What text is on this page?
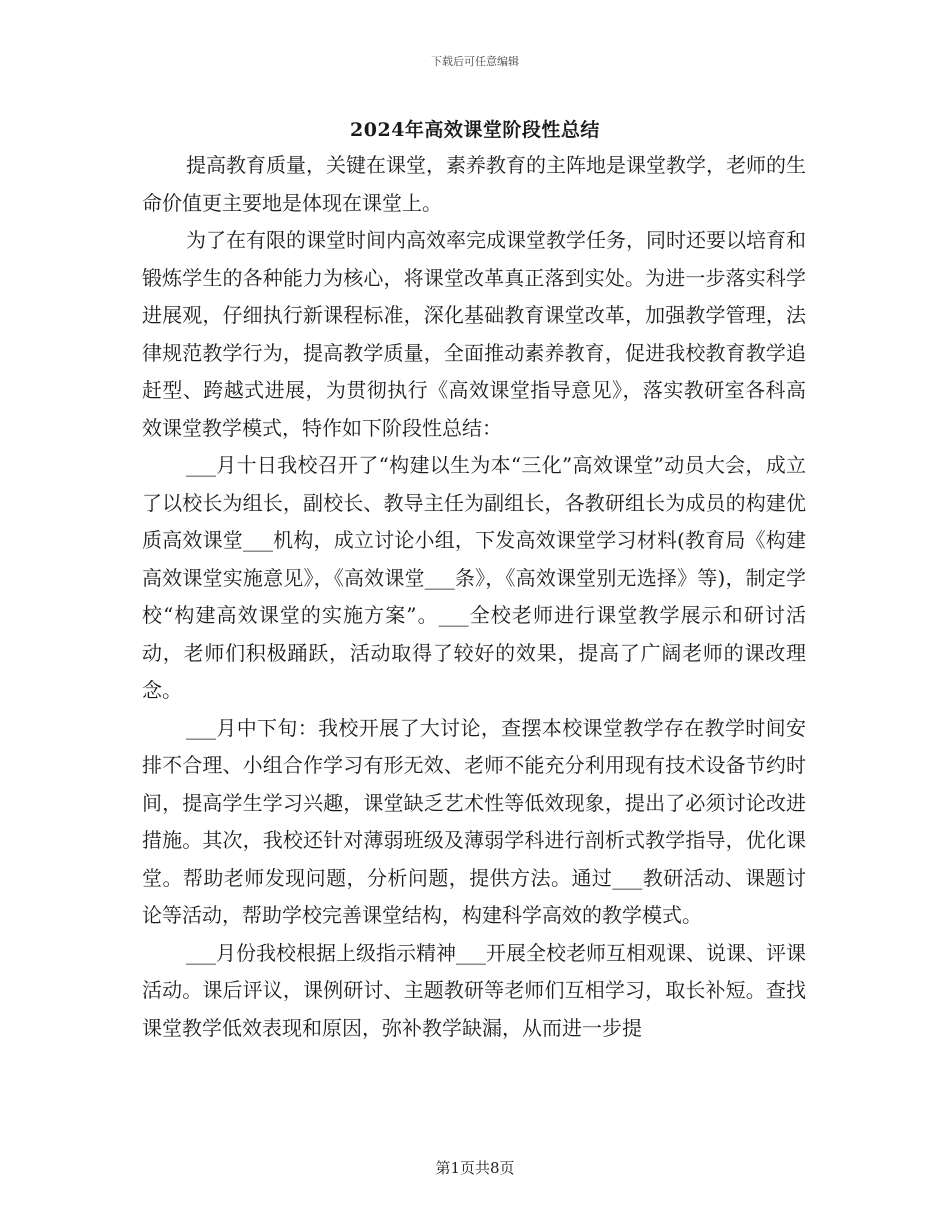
下载后可任意编辑
2024年高效课堂阶段性总结

提高教育质量，关键在课堂，素养教育的主阵地是课堂教学，老师的生命价值更主要地是体现在课堂上。

为了在有限的课堂时间内高效率完成课堂教学任务，同时还要以培育和锻炼学生的各种能力为核心，将课堂改革真正落到实处。为进一步落实科学进展观，仔细执行新课程标准，深化基础教育课堂改革，加强教学管理，法律规范教学行为，提高教学质量，全面推动素养教育，促进我校教育教学追赶型、跨越式进展，为贯彻执行《高效课堂指导意见》，落实教研室各科高效课堂教学模式，特作如下阶段性总结：

___月十日我校召开了“构建以生为本“三化”高效课堂”动员大会，成立了以校长为组长，副校长、教导主任为副组长，各教研组长为成员的构建优质高效课堂___机构，成立讨论小组，下发高效课堂学习材料(教育局《构建高效课堂实施意见》，《高效课堂___条》，《高效课堂别无选择》等)，制定学校“构建高效课堂的实施方案”。___全校老师进行课堂教学展示和研讨活动，老师们积极踊跃，活动取得了较好的效果，提高了广阔老师的课改理念。

___月中下旬：我校开展了大讨论，查摆本校课堂教学存在教学时间安排不合理、小组合作学习有形无效、老师不能充分利用现有技术设备节约时间，提高学生学习兴趣，课堂缺乏艺术性等低效现象，提出了必须讨论改进措施。其次，我校还针对薄弱班级及薄弱学科进行剖析式教学指导，优化课堂。帮助老师发现问题，分析问题，提供方法。通过___教研活动、课题讨论等活动，帮助学校完善课堂结构，构建科学高效的教学模式。

___月份我校根据上级指示精神___开展全校老师互相观课、说课、评课活动。课后评议，课例研讨、主题教研等老师们互相学习，取长补短。查找课堂教学低效表现和原因，弥补教学缺漏，从而进一步提

第1页共8页
